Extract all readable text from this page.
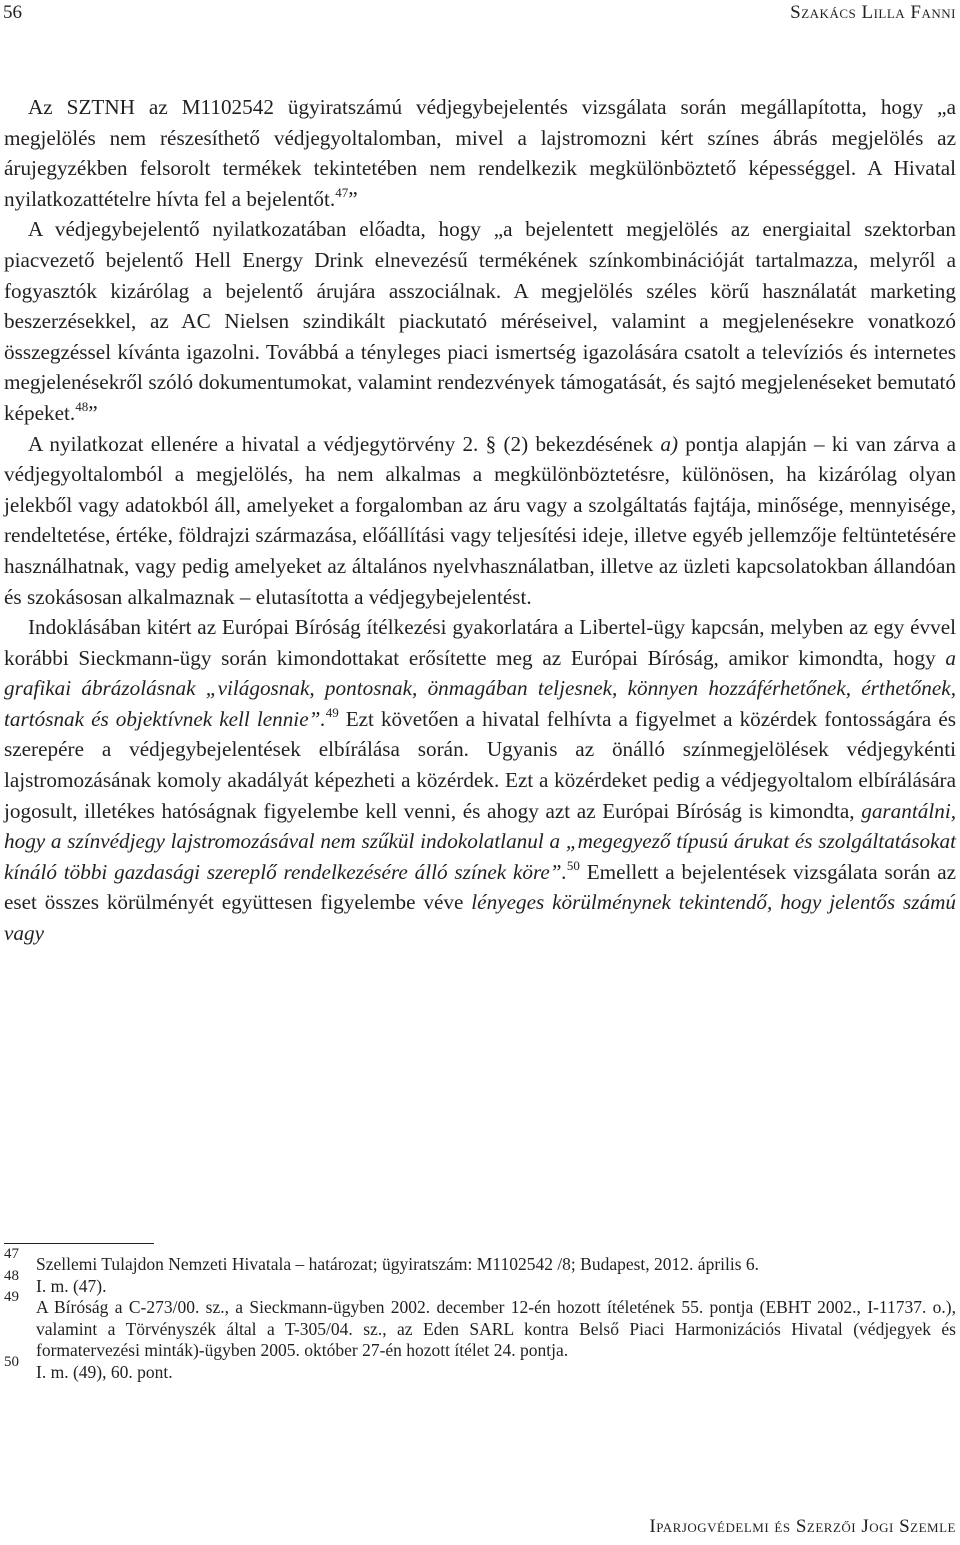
56	Szakács Lilla Fanni

Az SZTNH az M1102542 ügyiratszámú védjegybejelentés vizsgálata során megállapította, hogy „a megjelölés nem részesíthető védjegyoltalomban, mivel a lajstromozni kért színes ábrás megjelölés az árujegyzékben felsorolt termékek tekintetében nem rendelkezik megkülönböztető képességgel. A Hivatal nyilatkozattételre hívta fel a bejelentőt.$^{47}$”

A védjegybejelentő nyilatkozatában előadta, hogy „a bejelentett megjelölés az energiaital szektorban piacvezető bejelentő Hell Energy Drink elnevezésű termékének színkombinációját tartalmazza, melyről a fogyasztók kizárólag a bejelentő árujára asszociálnak. A megjelölés széles körű használatát marketing beszerzésekkel, az AC Nielsen szindikált piackutató méréseivel, valamint a megjelenésekre vonatkozó összegzéssel kívánta igazolni. Továbbá a tényleges piaci ismertség igazolására csatolt a televíziós és internetes megjelenésekről szóló dokumentumokat, valamint rendezvények támogatását, és sajtó megjelenéseket bemutató képeket.$^{48}$”

A nyilatkozat ellenére a hivatal a védjegytörvény 2. § (2) bekezdésének a) pontja alapján – ki van zárva a védjegyoltalomból a megjelölés, ha nem alkalmas a megkülönböztetésre, különösen, ha kizárólag olyan jelekből vagy adatokból áll, amelyeket a forgalomban az áru vagy a szolgáltatás fajtája, minősége, mennyisége, rendeltetése, értéke, földrajzi származása, előállítási vagy teljesítési ideje, illetve egyéb jellemzője feltüntetésére használhatnak, vagy pedig amelyeket az általános nyelvhasználatban, illetve az üzleti kapcsolatokban állandóan és szokásosan alkalmaznak – elutasította a védjegybejelentést.

Indoklásában kitért az Európai Bíróság ítélkezési gyakorlatára a Libertel-ügy kapcsán, melyben az egy évvel korábbi Sieckmann-ügy során kimondottakat erősítette meg az Európai Bíróság, amikor kimondta, hogy a grafikai ábrázolásnak „világosnak, pontosnak, önmagában teljesnek, könnyen hozzáférhetőnek, érthetőnek, tartósnak és objektívnek kell lennie”.$^{49}$ Ezt követően a hivatal felhívta a figyelmet a közérdek fontosságára és szerepére a védjegybejelentések elbírálása során. Ugyanis az önálló színmegjelölések védjegykénti lajstromozásának komoly akadályát képezheti a közérdek. Ezt a közérdeket pedig a védjegyoltalom elbírálására jogosult, illetékes hatóságnak figyelembe kell venni, és ahogy azt az Európai Bíróság is kimondta, garantálni, hogy a színvédjegy lajstromozásával nem szűkül indokolatlanul a „megegyező típusú árukat és szolgáltatásokat kínáló többi gazdasági szereplő rendelkezésére álló színek köre”.$^{50}$ Emellett a bejelentések vizsgálata során az eset összes körülményét együttesen figyelembe véve lényeges körülménynek tekintendő, hogy jelentős számú vagy

47 Szellemi Tulajdon Nemzeti Hivatala – határozat; ügyiratszám: M1102542 /8; Budapest, 2012. április 6.
48 I. m. (47).
49 A Bíróság a C-273/00. sz., a Sieckmann-ügyben 2002. december 12-én hozott ítéletének 55. pontja (EBHT 2002., I-11737. o.), valamint a Törvényszék által a T-305/04. sz., az Eden SARL kontra Belső Piaci Harmonizációs Hivatal (védjegyek és formatervezési minták)-ügyben 2005. október 27-én hozott ítélet 24. pontja.
50 I. m. (49), 60. pont.
Iparjogvédelmi és Szerzői Jogi Szemle
